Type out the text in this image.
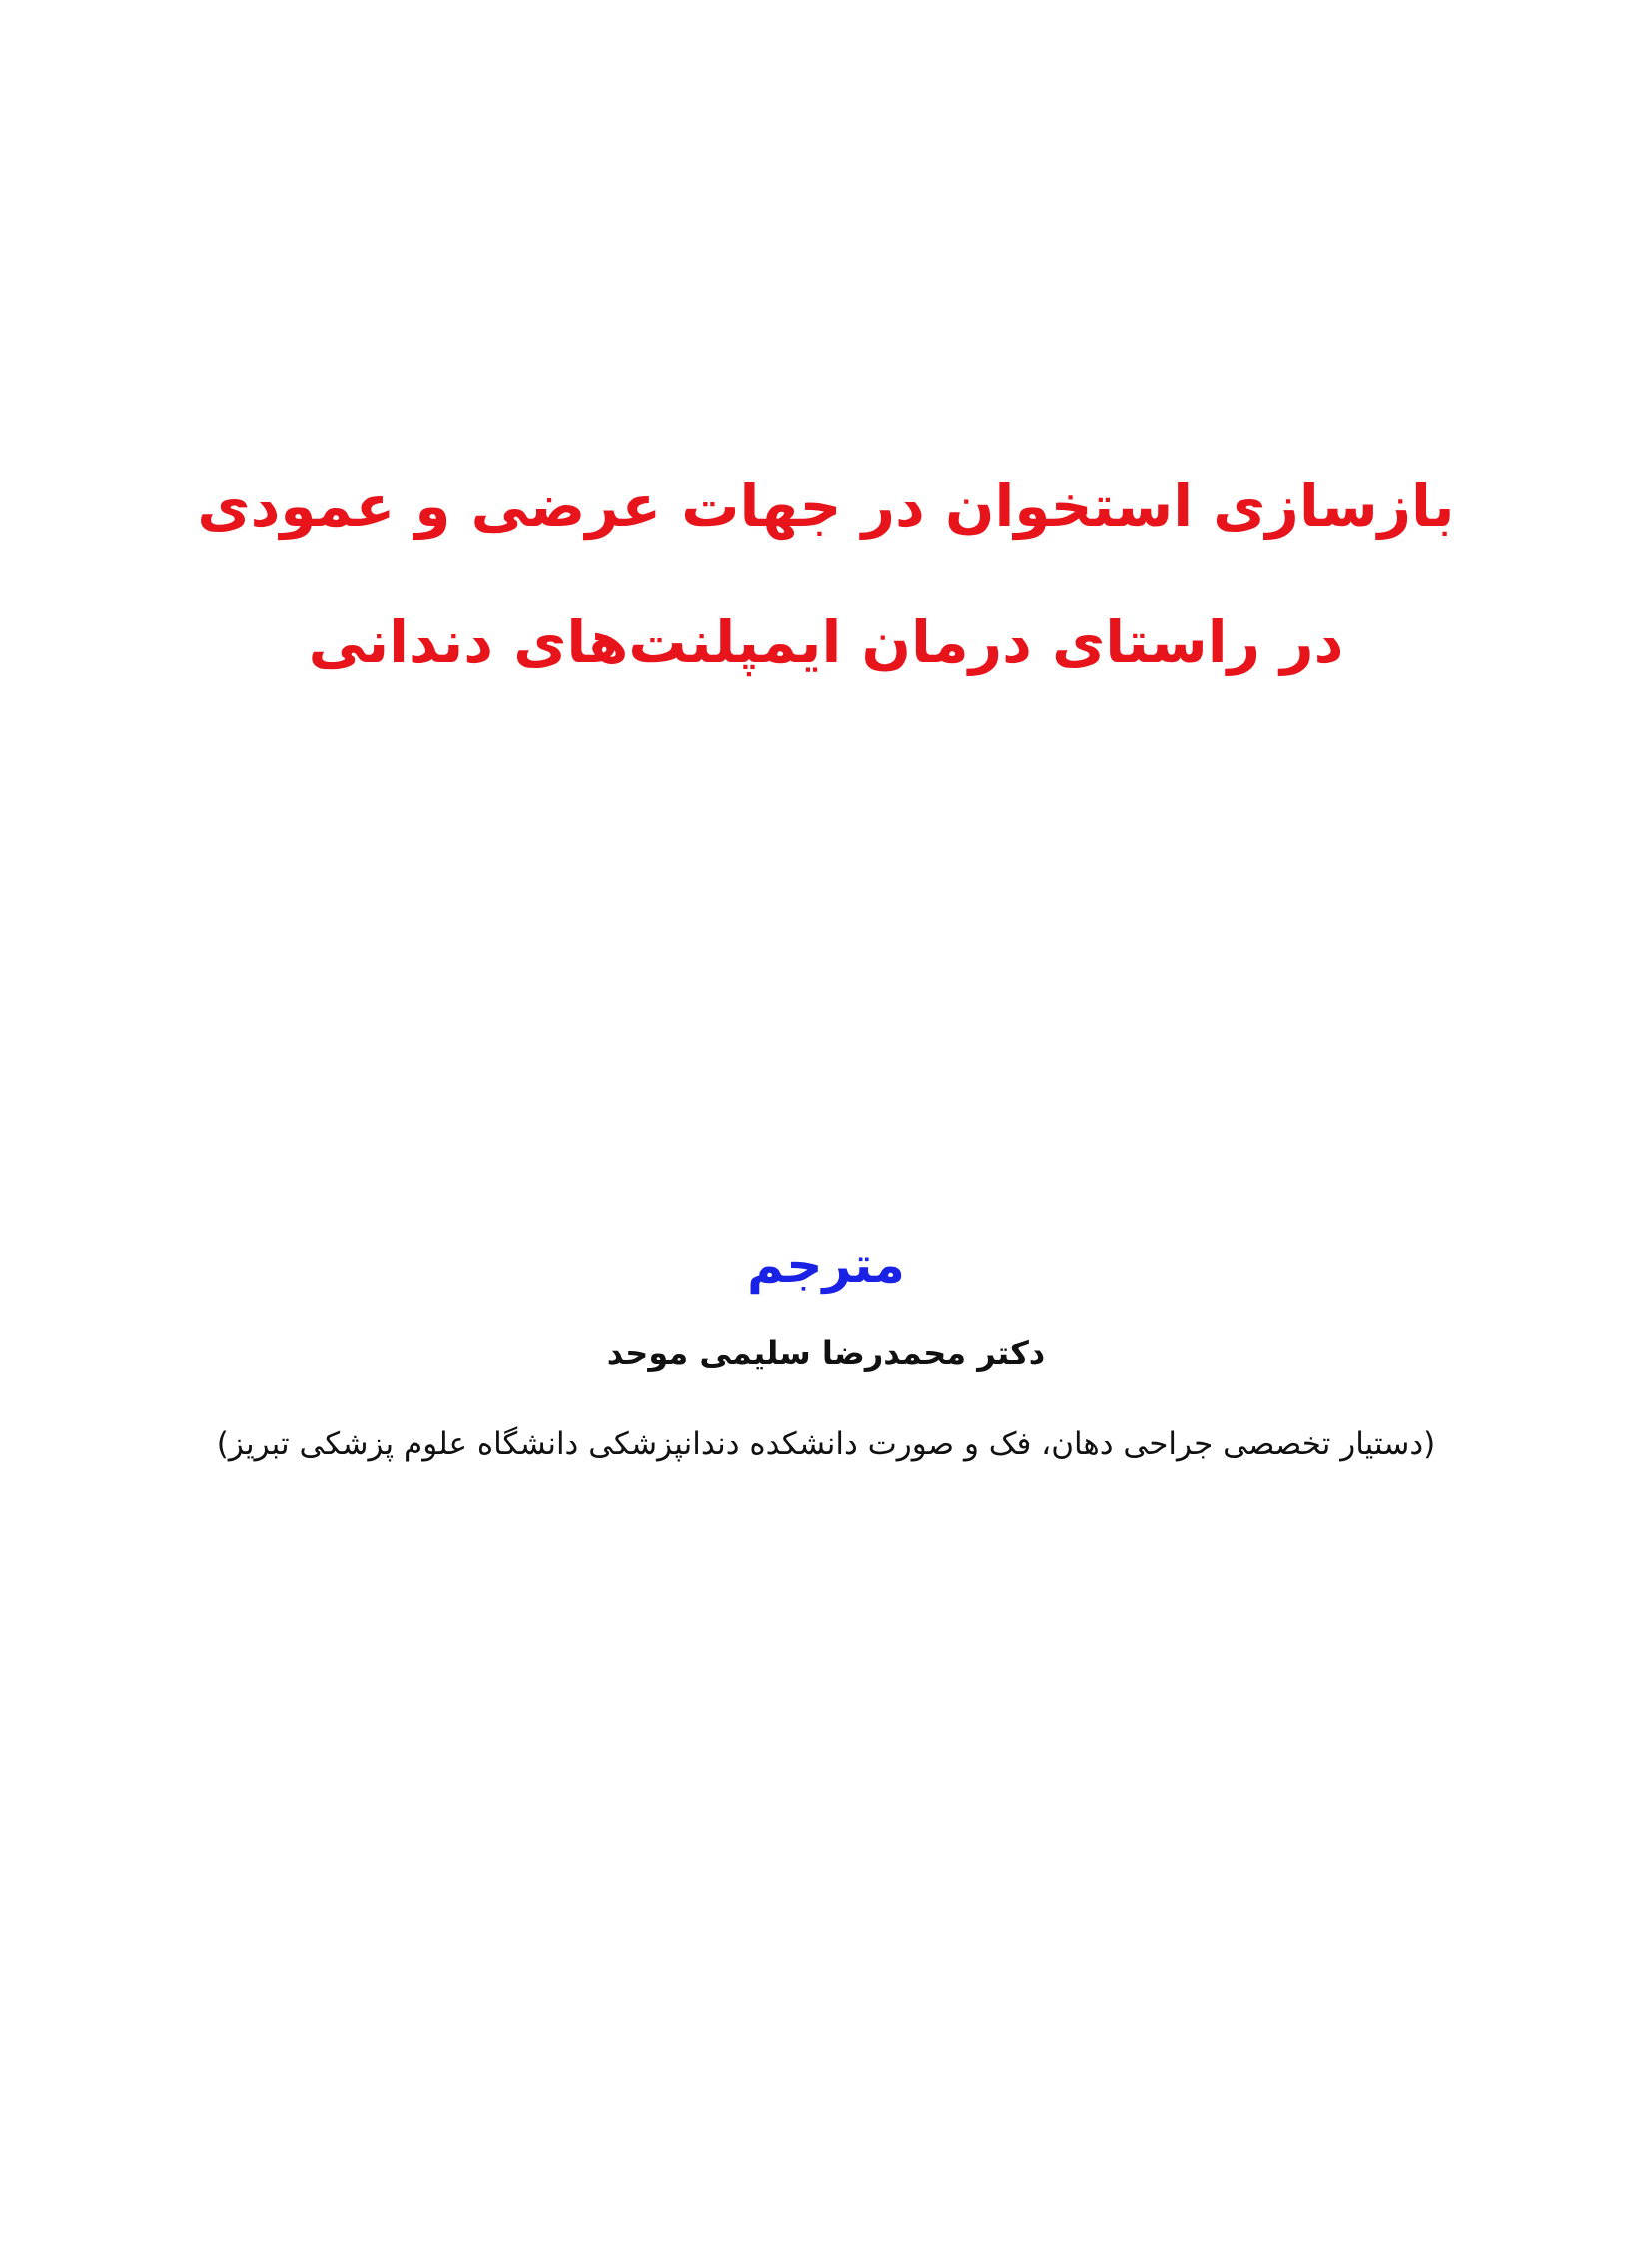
بازسازی استخوان در جهات عرضی و عمودی
در راستای درمان ایمپلنت‌های دندانی
مترجم
دکتر محمدرضا سلیمی موحد
(دستیار تخصصی جراحی دهان، فک و صورت دانشکده دندانپزشکی دانشگاه علوم پزشکی تبریز)
